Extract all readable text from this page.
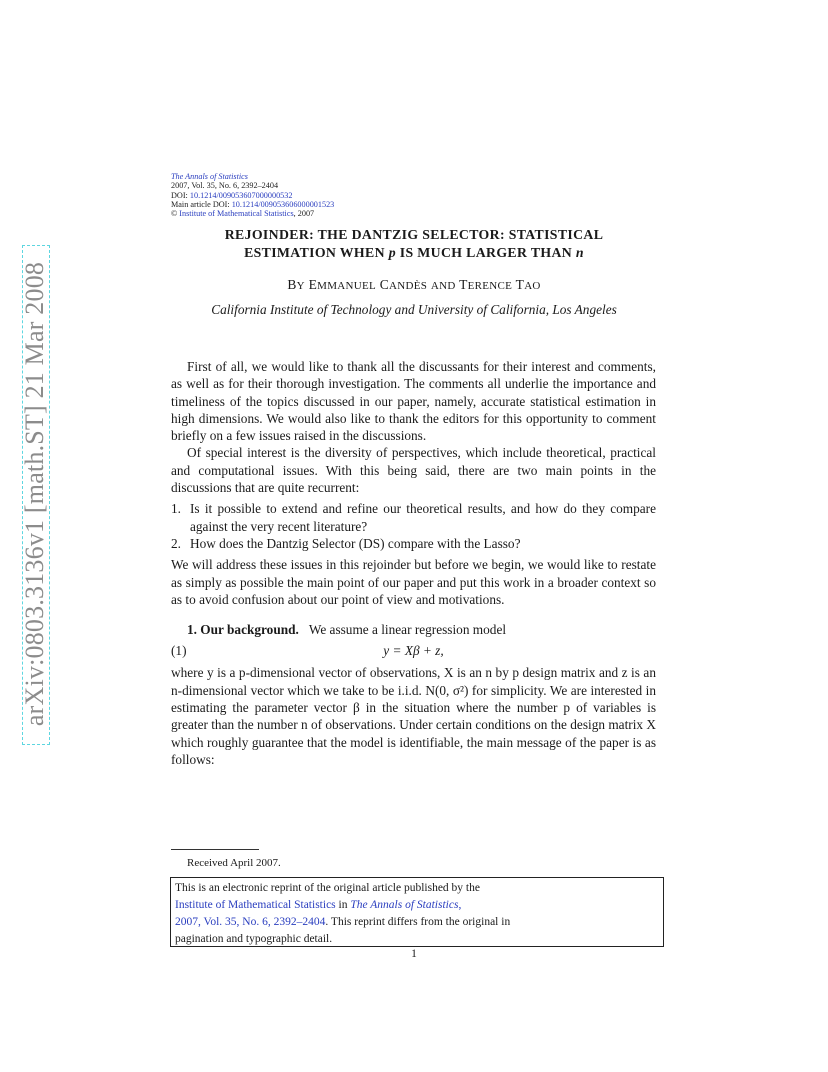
arXiv:0803.3136v1 [math.ST] 21 Mar 2008
The Annals of Statistics
2007, Vol. 35, No. 6, 2392–2404
DOI: 10.1214/009053607000000532
Main article DOI: 10.1214/009053606000001523
© Institute of Mathematical Statistics, 2007
REJOINDER: THE DANTZIG SELECTOR: STATISTICAL
ESTIMATION WHEN p IS MUCH LARGER THAN n
BY EMMANUEL CANDÈS AND TERENCE TAO
California Institute of Technology and University of California, Los Angeles

First of all, we would like to thank all the discussants for their interest and comments, as well as for their thorough investigation. The comments all underlie the importance and timeliness of the topics discussed in our paper, namely, accurate statistical estimation in high dimensions. We would also like to thank the editors for this opportunity to comment briefly on a few issues raised in the discussions.

Of special interest is the diversity of perspectives, which include theoretical, practical and computational issues. With this being said, there are two main points in the discussions that are quite recurrent:

1. Is it possible to extend and refine our theoretical results, and how do they compare against the very recent literature?
2. How does the Dantzig Selector (DS) compare with the Lasso?

We will address these issues in this rejoinder but before we begin, we would like to restate as simply as possible the main point of our paper and put this work in a broader context so as to avoid confusion about our point of view and motivations.

1. Our background. We assume a linear regression model

(1)	y = Xβ + z,

where y is a p-dimensional vector of observations, X is an n by p design matrix and z is an n-dimensional vector which we take to be i.i.d. N(0, σ²) for simplicity. We are interested in estimating the parameter vector β in the situation where the number p of variables is greater than the number n of observations. Under certain conditions on the design matrix X which roughly guarantee that the model is identifiable, the main message of the paper is as follows:

Received April 2007.
This is an electronic reprint of the original article published by the
Institute of Mathematical Statistics in The Annals of Statistics,
2007, Vol. 35, No. 6, 2392–2404. This reprint differs from the original in
pagination and typographic detail.
1
